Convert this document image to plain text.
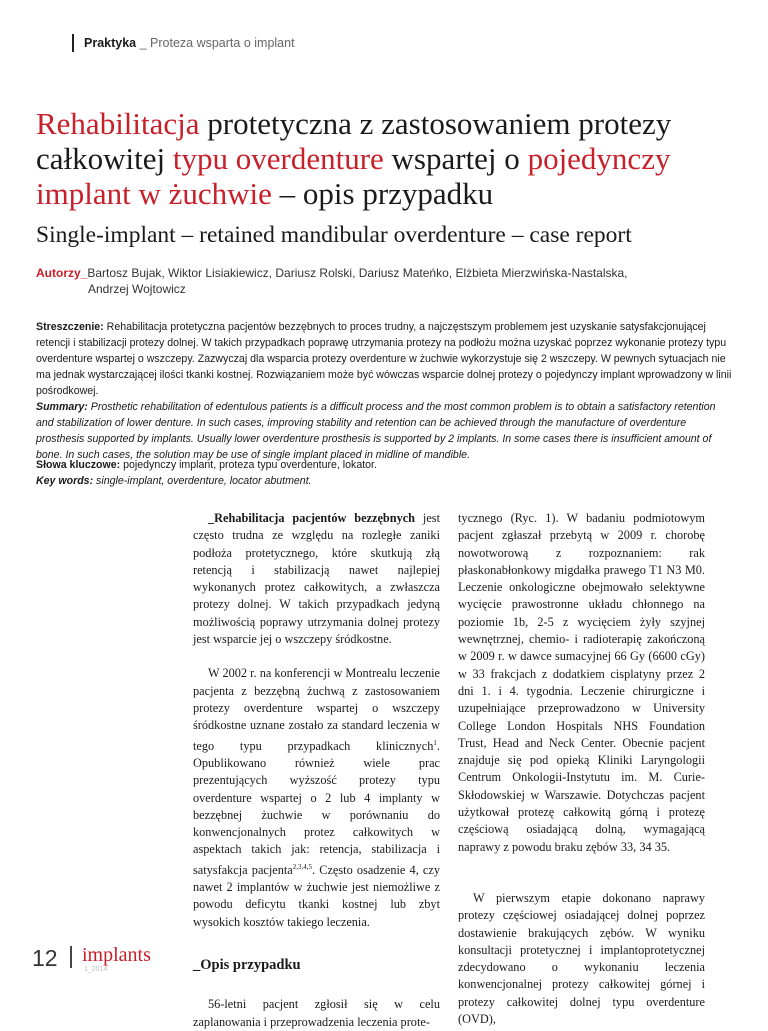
Praktyka _ Proteza wsparta o implant
Rehabilitacja protetyczna z zastosowaniem protezy całkowitej typu overdenture wspartej o pojedynczy implant w żuchwie – opis przypadku
Single-implant – retained mandibular overdenture – case report
Autorzy_Bartosz Bujak, Wiktor Lisiakiewicz, Dariusz Rolski, Dariusz Mateńko, Elżbieta Mierzwińska-Nastalska,
Andrzej Wojtowicz

Streszczenie: Rehabilitacja protetyczna pacjentów bezzębnych to proces trudny, a najczęstszym problemem jest uzyskanie satysfakcjonującej retencji i stabilizacji protezy dolnej. W takich przypadkach poprawę utrzymania protezy na podłożu można uzyskać poprzez wykonanie protezy typu overdenture wspartej o wszczepy. Zazwyczaj dla wsparcia protezy overdenture w żuchwie wykorzystuje się 2 wszczepy. W pewnych sytuacjach nie ma jednak wystarczającej ilości tkanki kostnej. Rozwiązaniem może być wówczas wsparcie dolnej protezy o pojedynczy implant wprowadzony w linii pośrodkowej.

Summary: Prosthetic rehabilitation of edentulous patients is a difficult process and the most common problem is to obtain a satisfactory retention and stabilization of lower denture. In such cases, improving stability and retention can be achieved through the manufacture of overdenture prosthesis supported by implants. Usually lower overdenture prosthesis is supported by 2 implants. In some cases there is insufficient amount of bone. In such cases, the solution may be use of single implant placed in midline of mandible.

Słowa kluczowe: pojedynczy implant, proteza typu overdenture, lokator.

Key words: single-implant, overdenture, locator abutment.

_Rehabilitacja pacjentów bezzębnych jest często trudna ze względu na rozległe zaniki podłoża protetycznego, które skutkują złą retencją i stabilizacją nawet najlepiej wykonanych protez całkowitych, a zwłaszcza protezy dolnej. W takich przypadkach jedyną możliwością poprawy utrzymania dolnej protezy jest wsparcie jej o wszczepy śródkostne.

W 2002 r. na konferencji w Montrealu leczenie pacjenta z bezzębną żuchwą z zastosowaniem protezy overdenture wspartej o wszczepy śródkostne uznane zostało za standard leczenia w tego typu przypadkach klinicznych$^1$. Opublikowano również wiele prac prezentujących wyższość protezy typu overdenture wspartej o 2 lub 4 implanty w bezzębnej żuchwie w porównaniu do konwencjonalnych protez całkowitych w aspektach takich jak: retencja, stabilizacja i satysfakcja pacjenta$^{2,3,4,5}$. Często osadzenie 4, czy nawet 2 implantów w żuchwie jest niemożliwe z powodu deficytu tkanki kostnej lub zbyt wysokich kosztów takiego leczenia.

_Opis przypadku

56-letni pacjent zgłosił się w celu zaplanowania i przeprowadzenia leczenia prote-

tycznego (Ryc. 1). W badaniu podmiotowym pacjent zgłaszał przebytą w 2009 r. chorobę nowotworową z rozpoznaniem: rak płaskonabłonkowy migdałka prawego T1 N3 M0. Leczenie onkologiczne obejmowało selektywne wycięcie prawostronne układu chłonnego na poziomie 1b, 2-5 z wycięciem żyły szyjnej wewnętrznej, chemio- i radioterapię zakończoną w 2009 r. w dawce sumacyjnej 66 Gy (6600 cGy) w 33 frakcjach z dodatkiem cisplatyny przez 2 dni 1. i 4. tygodnia. Leczenie chirurgiczne i uzupełniające przeprowadzono w University College London Hospitals NHS Foundation Trust, Head and Neck Center. Obecnie pacjent znajduje się pod opieką Kliniki Laryngologii Centrum Onkologii-Instytutu im. M. Curie-Skłodowskiej w Warszawie. Dotychczas pacjent użytkował protezę całkowitą górną i protezę częściową osiadającą dolną, wymagającą naprawy z powodu braku zębów 33, 34 35.

W pierwszym etapie dokonano naprawy protezy częściowej osiadającej dolnej poprzez dostawienie brakujących zębów. W wyniku konsultacji protetycznej i implantoprotetycznej zdecydowano o wykonaniu leczenia konwencjonalnej protezy całkowitej górnej i protezy całkowitej dolnej typu overdenture (OVD),

12 implants
1_2014
